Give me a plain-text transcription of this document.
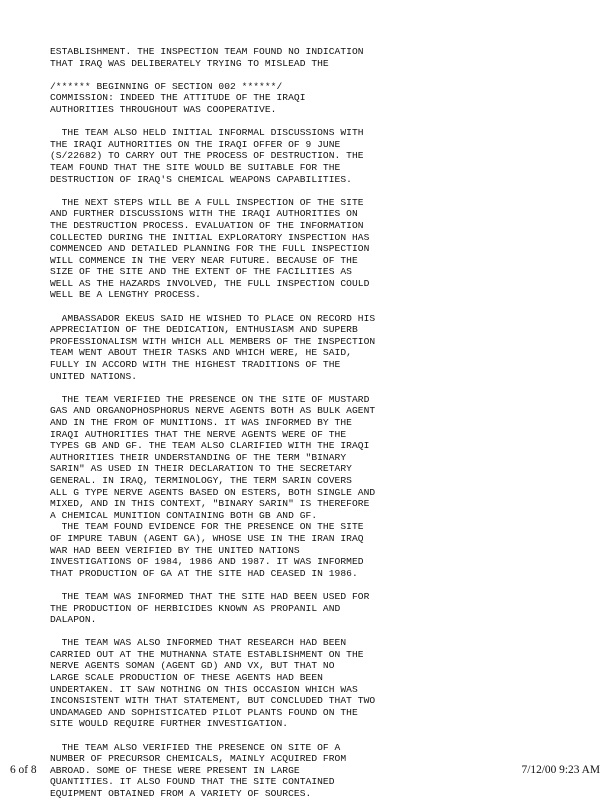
ESTABLISHMENT. THE INSPECTION TEAM FOUND NO INDICATION
THAT IRAQ WAS DELIBERATELY TRYING TO MISLEAD THE
/****** BEGINNING OF SECTION 002 ******/
COMMISSION: INDEED THE ATTITUDE OF THE IRAQI
AUTHORITIES THROUGHOUT WAS COOPERATIVE.
THE TEAM ALSO HELD INITIAL INFORMAL DISCUSSIONS WITH
THE IRAQI AUTHORITIES ON THE IRAQI OFFER OF 9 JUNE
(S/22682) TO CARRY OUT THE PROCESS OF DESTRUCTION. THE
TEAM FOUND THAT THE SITE WOULD BE SUITABLE FOR THE
DESTRUCTION OF IRAQ'S CHEMICAL WEAPONS CAPABILITIES.
THE NEXT STEPS WILL BE A FULL INSPECTION OF THE SITE
AND FURTHER DISCUSSIONS WITH THE IRAQI AUTHORITIES ON
THE DESTRUCTION PROCESS. EVALUATION OF THE INFORMATION
COLLECTED DURING THE INITIAL EXPLORATORY INSPECTION HAS
COMMENCED AND DETAILED PLANNING FOR THE FULL INSPECTION
WILL COMMENCE IN THE VERY NEAR FUTURE. BECAUSE OF THE
SIZE OF THE SITE AND THE EXTENT OF THE FACILITIES AS
WELL AS THE HAZARDS INVOLVED, THE FULL INSPECTION COULD
WELL BE A LENGTHY PROCESS.
AMBASSADOR EKEUS SAID HE WISHED TO PLACE ON RECORD HIS
APPRECIATION OF THE DEDICATION, ENTHUSIASM AND SUPERB
PROFESSIONALISM WITH WHICH ALL MEMBERS OF THE INSPECTION
TEAM WENT ABOUT THEIR TASKS AND WHICH WERE, HE SAID,
FULLY IN ACCORD WITH THE HIGHEST TRADITIONS OF THE
UNITED NATIONS.
THE TEAM VERIFIED THE PRESENCE ON THE SITE OF MUSTARD
GAS AND ORGANOPHOSPHORUS NERVE AGENTS BOTH AS BULK AGENT
AND IN THE FROM OF MUNITIONS. IT WAS INFORMED BY THE
IRAQI AUTHORITIES THAT THE NERVE AGENTS WERE OF THE
TYPES GB AND GF. THE TEAM ALSO CLARIFIED WITH THE IRAQI
AUTHORITIES THEIR UNDERSTANDING OF THE TERM "BINARY
SARIN" AS USED IN THEIR DECLARATION TO THE SECRETARY
GENERAL. IN IRAQ, TERMINOLOGY, THE TERM SARIN COVERS
ALL G TYPE NERVE AGENTS BASED ON ESTERS, BOTH SINGLE AND
MIXED, AND IN THIS CONTEXT, "BINARY SARIN" IS THEREFORE
A CHEMICAL MUNITION CONTAINING BOTH GB AND GF.
THE TEAM FOUND EVIDENCE FOR THE PRESENCE ON THE SITE
OF IMPURE TABUN (AGENT GA), WHOSE USE IN THE IRAN IRAQ
WAR HAD BEEN VERIFIED BY THE UNITED NATIONS
INVESTIGATIONS OF 1984, 1986 AND 1987. IT WAS INFORMED
THAT PRODUCTION OF GA AT THE SITE HAD CEASED IN 1986.
THE TEAM WAS INFORMED THAT THE SITE HAD BEEN USED FOR
THE PRODUCTION OF HERBICIDES KNOWN AS PROPANIL AND
DALAPON.
THE TEAM WAS ALSO INFORMED THAT RESEARCH HAD BEEN
CARRIED OUT AT THE MUTHANNA STATE ESTABLISHMENT ON THE
NERVE AGENTS SOMAN (AGENT GD) AND VX, BUT THAT NO
LARGE SCALE PRODUCTION OF THESE AGENTS HAD BEEN
UNDERTAKEN. IT SAW NOTHING ON THIS OCCASION WHICH WAS
INCONSISTENT WITH THAT STATEMENT, BUT CONCLUDED THAT TWO
UNDAMAGED AND SOPHISTICATED PILOT PLANTS FOUND ON THE
SITE WOULD REQUIRE FURTHER INVESTIGATION.
THE TEAM ALSO VERIFIED THE PRESENCE ON SITE OF A
NUMBER OF PRECURSOR CHEMICALS, MAINLY ACQUIRED FROM
ABROAD. SOME OF THESE WERE PRESENT IN LARGE
QUANTITIES. IT ALSO FOUND THAT THE SITE CONTAINED
EQUIPMENT OBTAINED FROM A VARIETY OF SOURCES.
6 of 8	7/12/00 9:23 AM
